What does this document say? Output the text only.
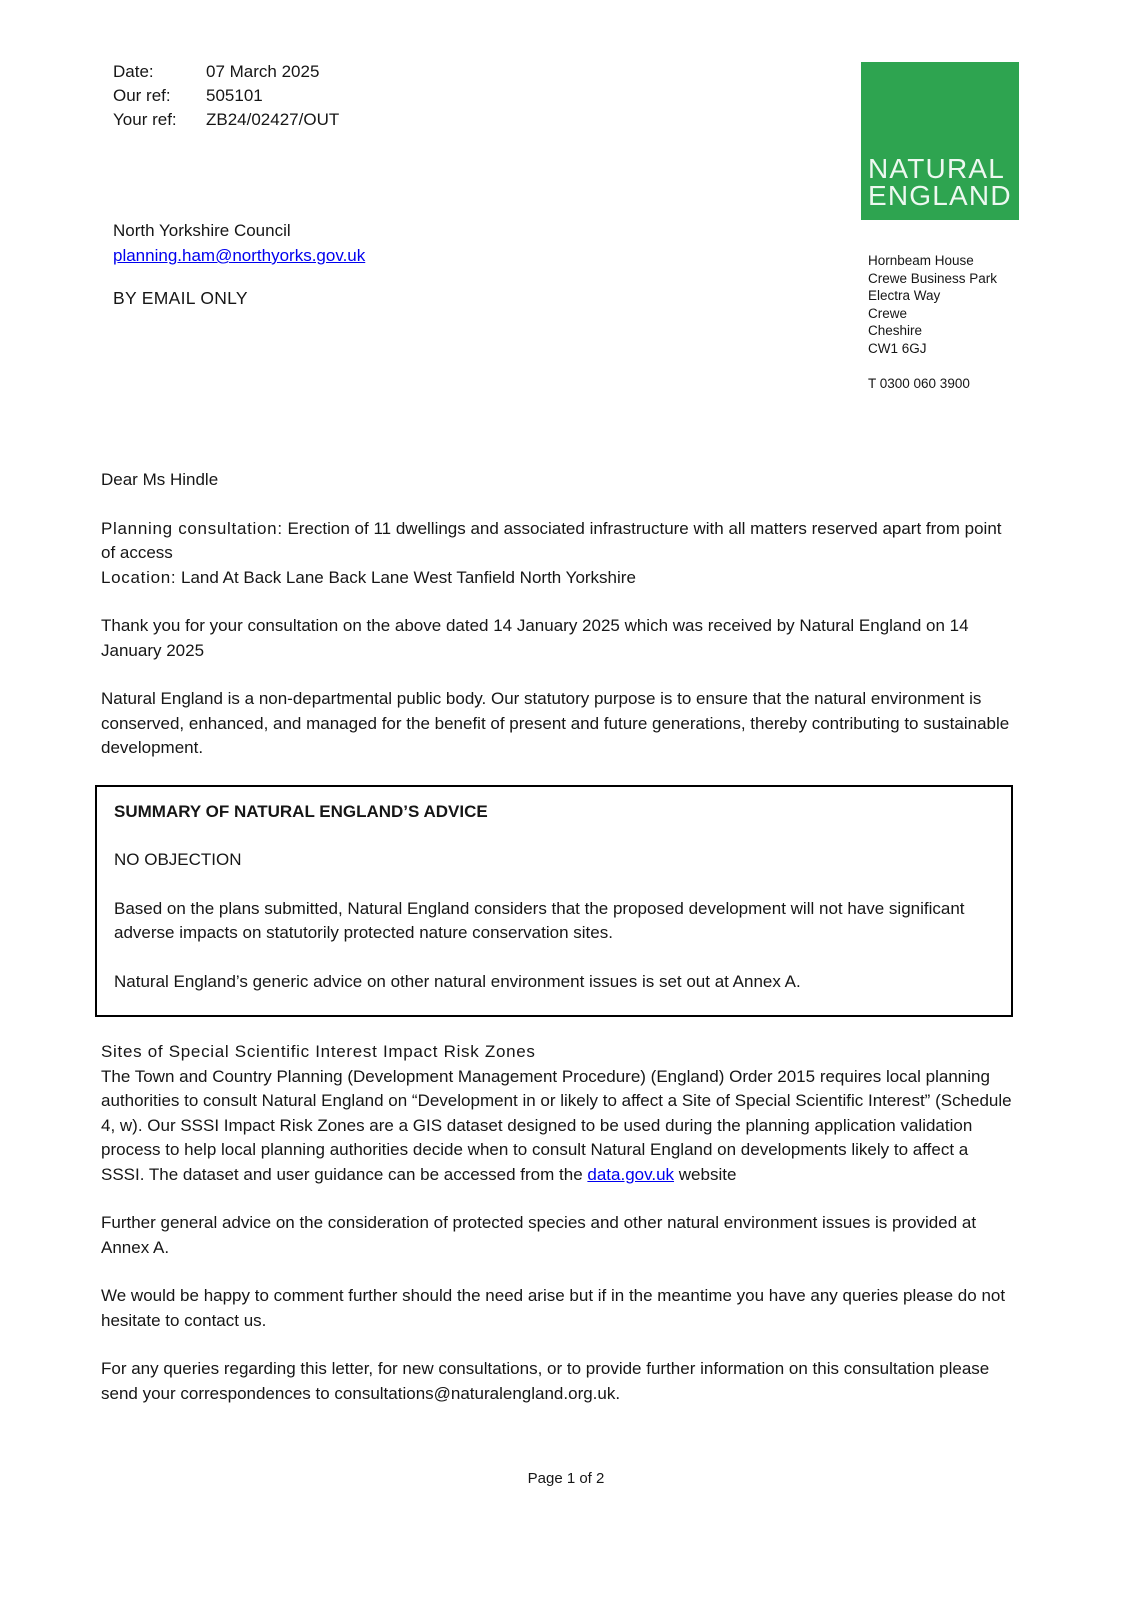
Date:	07 March 2025
Our ref:	505101
Your ref:	ZB24/02427/OUT
NATURAL
ENGLAND
North Yorkshire Council
planning.ham@northyorks.gov.uk
BY EMAIL ONLY
Hornbeam House
Crewe Business Park
Electra Way
Crewe
Cheshire
CW1 6GJ
T 0300 060 3900

Dear Ms Hindle

Planning consultation: Erection of 11 dwellings and associated infrastructure with all matters reserved apart from point of access
Location: Land At Back Lane Back Lane West Tanfield North Yorkshire

Thank you for your consultation on the above dated 14 January 2025 which was received by Natural England on 14 January 2025

Natural England is a non-departmental public body. Our statutory purpose is to ensure that the natural environment is conserved, enhanced, and managed for the benefit of present and future generations, thereby contributing to sustainable development.

SUMMARY OF NATURAL ENGLAND’S ADVICE

NO OBJECTION

Based on the plans submitted, Natural England considers that the proposed development will not have significant adverse impacts on statutorily protected nature conservation sites.

Natural England’s generic advice on other natural environment issues is set out at Annex A.

Sites of Special Scientific Interest Impact Risk Zones
The Town and Country Planning (Development Management Procedure) (England) Order 2015 requires local planning authorities to consult Natural England on “Development in or likely to affect a Site of Special Scientific Interest” (Schedule 4, w). Our SSSI Impact Risk Zones are a GIS dataset designed to be used during the planning application validation process to help local planning authorities decide when to consult Natural England on developments likely to affect a SSSI. The dataset and user guidance can be accessed from the data.gov.uk website

Further general advice on the consideration of protected species and other natural environment issues is provided at Annex A.

We would be happy to comment further should the need arise but if in the meantime you have any queries please do not hesitate to contact us.

For any queries regarding this letter, for new consultations, or to provide further information on this consultation please send your correspondences to consultations@naturalengland.org.uk.

Page 1 of 2
